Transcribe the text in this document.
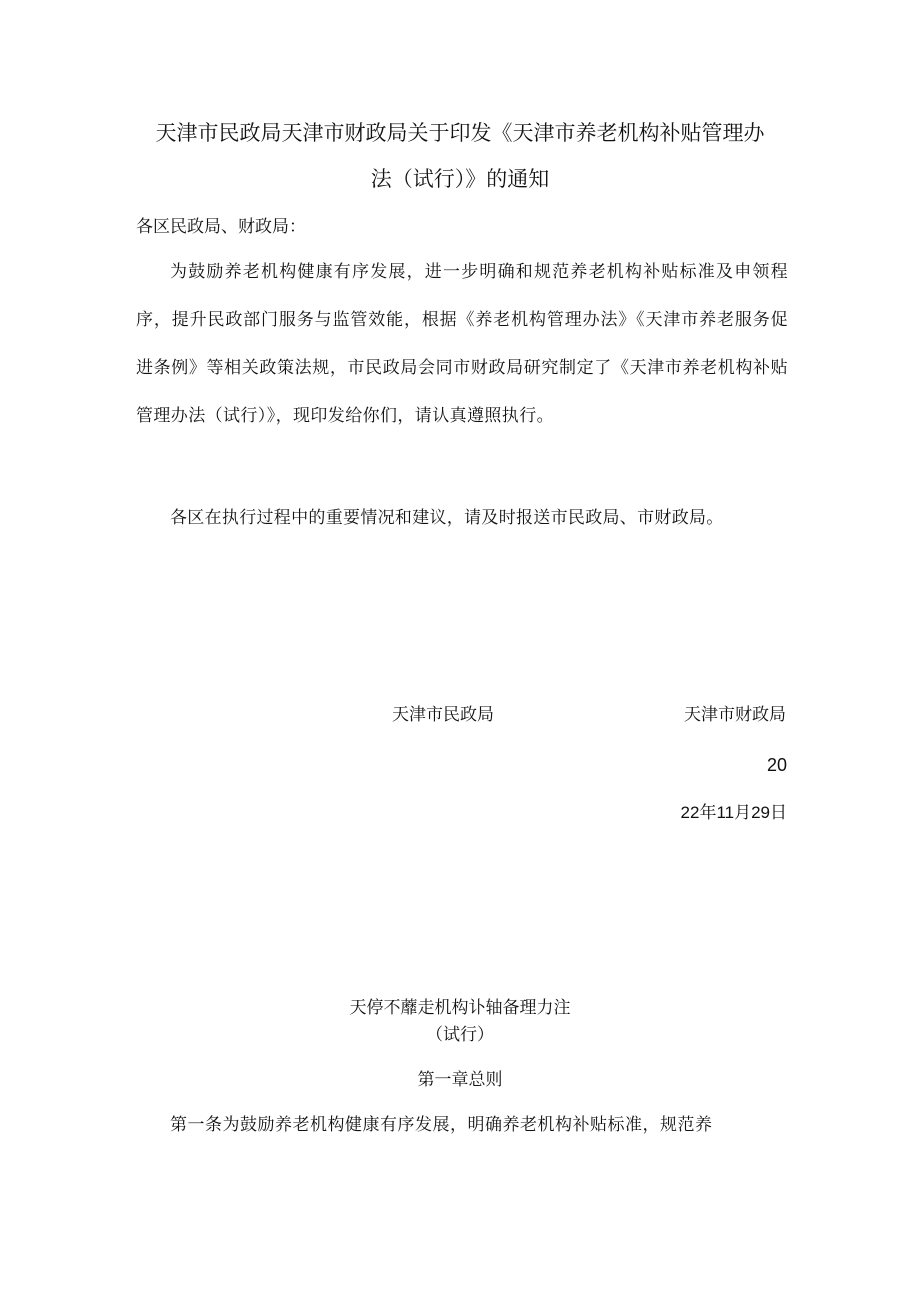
天津市民政局天津市财政局关于印发《天津市养老机构补贴管理办
法（试行）》的通知
各区民政局、财政局：
为鼓励养老机构健康有序发展，进一步明确和规范养老机构补贴标准及申领程序，提升民政部门服务与监管效能，根据《养老机构管理办法》《天津市养老服务促进条例》等相关政策法规，市民政局会同市财政局研究制定了《天津市养老机构补贴管理办法（试行）》，现印发给你们，请认真遵照执行。
各区在执行过程中的重要情况和建议，请及时报送市民政局、市财政局。
天津市民政局	天津市财政局
20
22年11月29日
天停不蘼走机构讣轴备理力注
（试行）
第一章总则
第一条为鼓励养老机构健康有序发展，明确养老机构补贴标准，规范养
